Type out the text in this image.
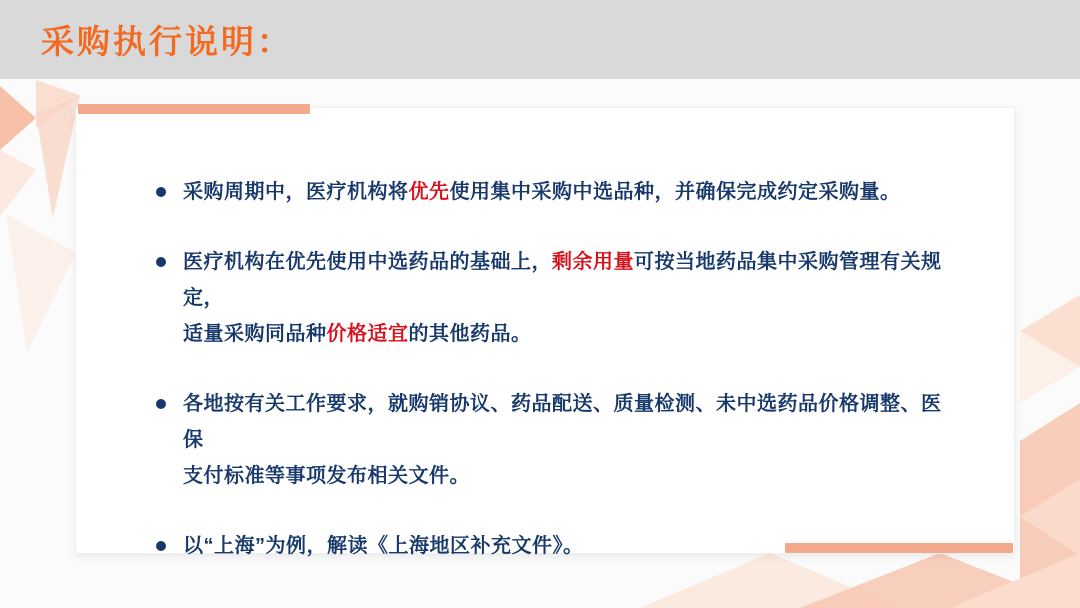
采购执行说明：
采购周期中，医疗机构将优先使用集中采购中选品种，并确保完成约定采购量。
医疗机构在优先使用中选药品的基础上，剩余用量可按当地药品集中采购管理有关规定，
适量采购同品种价格适宜的其他药品。
各地按有关工作要求，就购销协议、药品配送、质量检测、未中选药品价格调整、医保
支付标准等事项发布相关文件。
以“上海”为例，解读《上海地区补充文件》。
